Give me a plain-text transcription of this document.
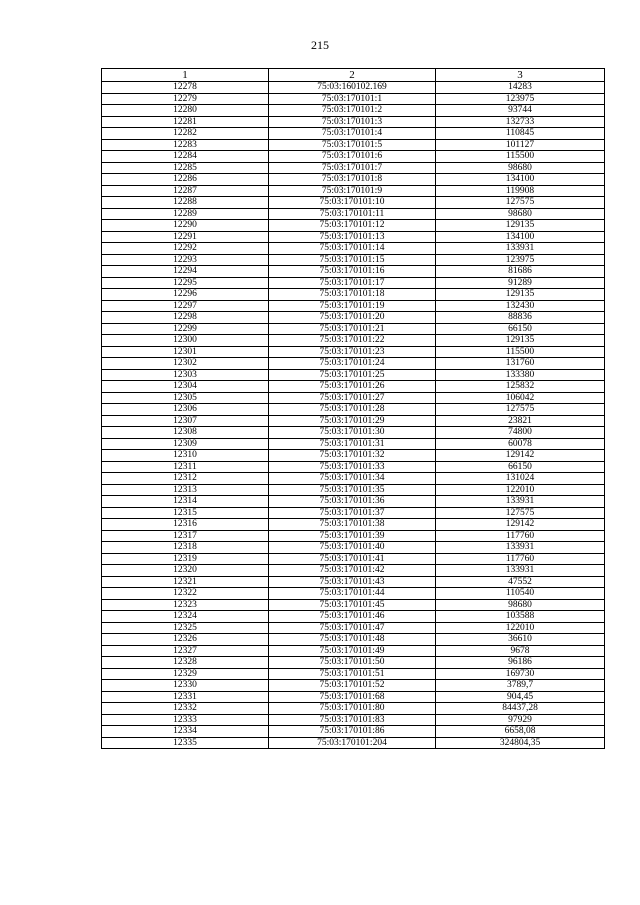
215
1	2	3
12278	75:03:160102.169	14283
12279	75:03:170101:1	123975
12280	75:03:170101:2	93744
12281	75:03:170101:3	132733
12282	75:03:170101:4	110845
12283	75:03:170101:5	101127
12284	75:03:170101:6	115500
12285	75:03:170101:7	98680
12286	75:03:170101:8	134100
12287	75:03:170101:9	119908
12288	75:03:170101:10	127575
12289	75:03:170101:11	98680
12290	75:03:170101:12	129135
12291	75:03:170101:13	134100
12292	75:03:170101:14	133931
12293	75:03:170101:15	123975
12294	75:03:170101:16	81686
12295	75:03:170101:17	91289
12296	75:03:170101:18	129135
12297	75:03:170101:19	132430
12298	75:03:170101:20	88836
12299	75:03:170101:21	66150
12300	75:03:170101:22	129135
12301	75:03:170101:23	115500
12302	75:03:170101:24	131760
12303	75:03:170101:25	133380
12304	75:03:170101:26	125832
12305	75:03:170101:27	106042
12306	75:03:170101:28	127575
12307	75:03:170101:29	23821
12308	75:03:170101:30	74800
12309	75:03:170101:31	60078
12310	75:03:170101:32	129142
12311	75:03:170101:33	66150
12312	75:03:170101:34	131024
12313	75:03:170101:35	122010
12314	75:03:170101:36	133931
12315	75:03:170101:37	127575
12316	75:03:170101:38	129142
12317	75:03:170101:39	117760
12318	75:03:170101:40	133931
12319	75:03:170101:41	117760
12320	75:03:170101:42	133931
12321	75:03:170101:43	47552
12322	75:03:170101:44	110540
12323	75:03:170101:45	98680
12324	75:03:170101:46	103588
12325	75:03:170101:47	122010
12326	75:03:170101:48	36610
12327	75:03:170101:49	9678
12328	75:03:170101:50	96186
12329	75:03:170101:51	169730
12330	75:03:170101:52	3789,7
12331	75:03:170101:68	904,45
12332	75:03:170101:80	84437,28
12333	75:03:170101:83	97929
12334	75:03:170101:86	6658,08
12335	75:03:170101:204	324804,35
